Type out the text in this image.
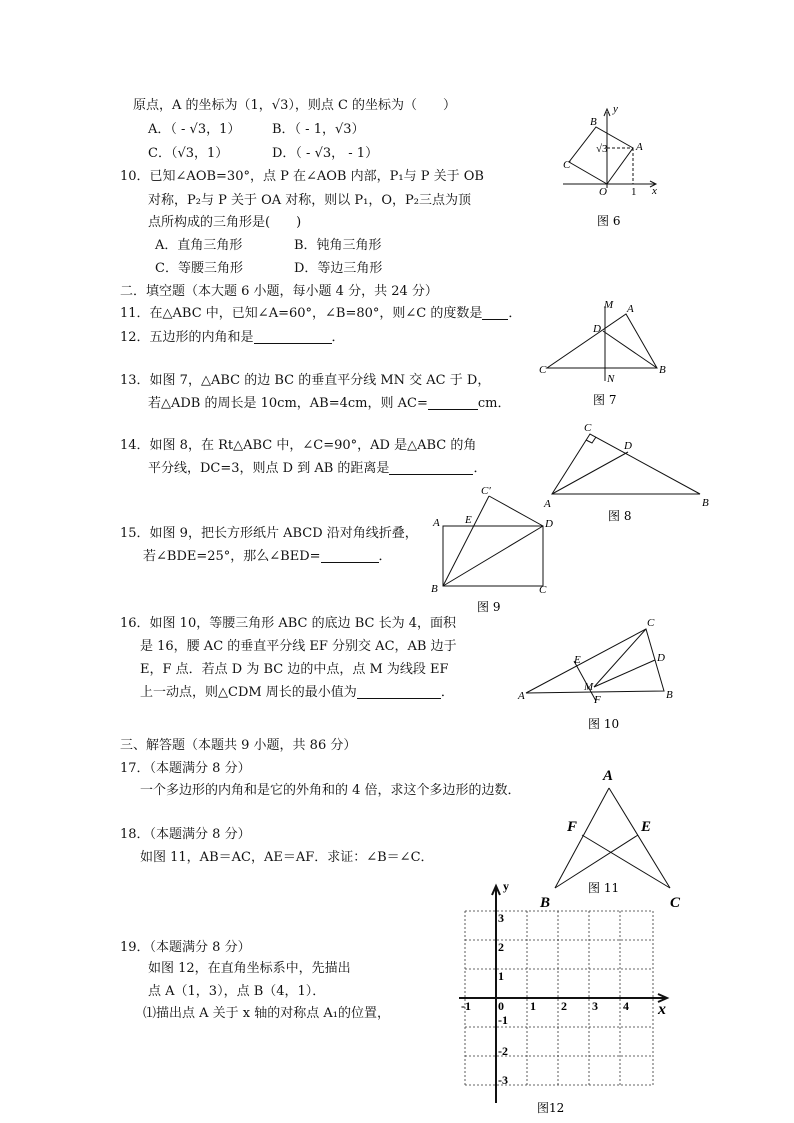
原点，A 的坐标为（1，√3），则点 C 的坐标为（　　）
A．（ - √3，1） B．（ - 1，√3）
C．（√3，1）	D．（ - √3， - 1）
10．已知∠AOB=30°，点 P 在∠AOB 内部，P₁与 P 关于 OB
对称，P₂与 P 关于 OA 对称，则以 P₁，O，P₂三点为顶
点所构成的三角形是(　　)
A．直角三角形	B．钝角三角形
C．等腰三角形	D．等边三角形
二．填空题（本大题 6 小题，每小题 4 分，共 24 分）
11．在△ABC 中，已知∠A=60°，∠B=80°，则∠C 的度数是 ．
12．五边形的内角和是	．
13．如图 7，△ABC 的边 BC 的垂直平分线 MN 交 AC 于 D，
若△ADB 的周长是 10cm，AB=4cm，则 AC=	cm．
14．如图 8，在 Rt△ABC 中，∠C=90°，AD 是△ABC 的角
平分线，DC=3，则点 D 到 AB 的距离是	．
15．如图 9，把长方形纸片 ABCD 沿对角线折叠，
若∠BDE=25°，那么∠BED=	．
16．如图 10，等腰三角形 ABC 的底边 BC 长为 4，面积
是 16，腰 AC 的垂直平分线 EF 分别交 AC，AB 边于
E，F 点．若点 D 为 BC 边的中点，点 M 为线段 EF
上一动点，则△CDM 周长的最小值为	．
三、解答题（本题共 9 小题，共 86 分）
17．（本题满分 8 分）
一个多边形的内角和是它的外角和的 4 倍，求这个多边形的边数．
18．（本题满分 8 分）
如图 11，AB＝AC，AE＝AF．求证：∠B＝∠C．
19．（本题满分 8 分）
如图 12，在直角坐标系中，先描出
点 A（1，3），点 B（4，1）．
⑴描出点 A 关于 x 轴的对称点 A₁的位置，
y
B
A
C
√3
O 1 x
图 6
M A
D
C	B
N
图 7
C
D
A	B
图 8
C′
A E	D
B	C
图 9
C
E	D
M
A	F	B
图 10
A
F	E
B	C
图 11
y
3
2
1
-1 0 1 2 3 4 x
-1
-2
-3
图12
